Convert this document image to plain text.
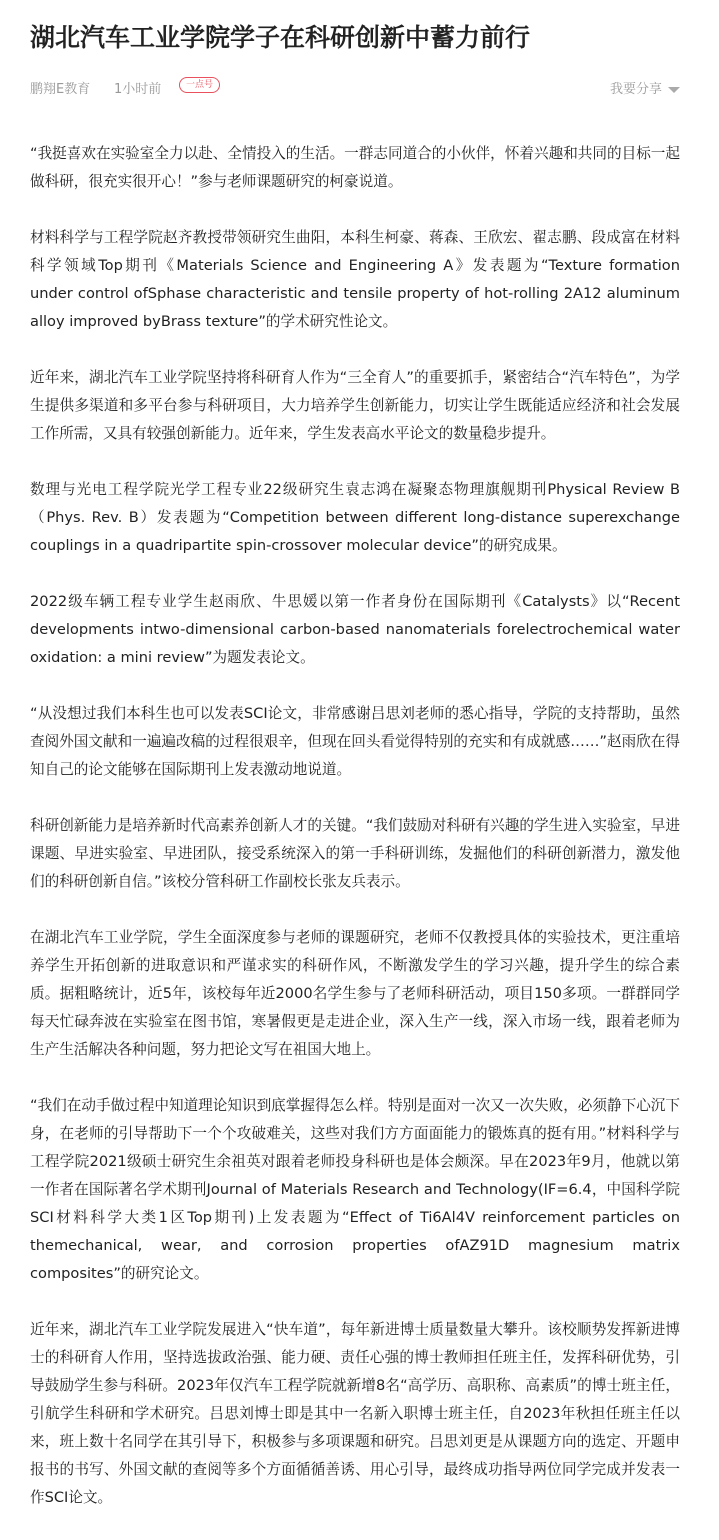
湖北汽车工业学院学子在科研创新中蓄力前行
鹏翔E教育 1小时前	一点号	我要分享

“我挺喜欢在实验室全力以赴、全情投入的生活。一群志同道合的小伙伴，怀着兴趣和共同的目标一起做科研，很充实很开心！”参与老师课题研究的柯豪说道。

材料科学与工程学院赵齐教授带领研究生曲阳，本科生柯豪、蒋森、王欣宏、翟志鹏、段成富在材料科学领域Top期刊《Materials Science and Engineering A》发表题为“Texture formation under control ofSphase characteristic and tensile property of hot-rolling 2A12 aluminum alloy improved byBrass texture”的学术研究性论文。

近年来，湖北汽车工业学院坚持将科研育人作为“三全育人”的重要抓手，紧密结合“汽车特色”，为学生提供多渠道和多平台参与科研项目，大力培养学生创新能力，切实让学生既能适应经济和社会发展工作所需，又具有较强创新能力。近年来，学生发表高水平论文的数量稳步提升。

数理与光电工程学院光学工程专业22级研究生袁志鸿在凝聚态物理旗舰期刊Physical Review B（Phys. Rev. B）发表题为“Competition between different long-distance superexchange couplings in a quadripartite spin-crossover molecular device”的研究成果。

2022级车辆工程专业学生赵雨欣、牛思媛以第一作者身份在国际期刊《Catalysts》以“Recent developments intwo-dimensional carbon-based nanomaterials forelectrochemical water oxidation: a mini review”为题发表论文。

“从没想过我们本科生也可以发表SCI论文，非常感谢吕思刘老师的悉心指导，学院的支持帮助，虽然查阅外国文献和一遍遍改稿的过程很艰辛，但现在回头看觉得特别的充实和有成就感……”赵雨欣在得知自己的论文能够在国际期刊上发表激动地说道。

科研创新能力是培养新时代高素养创新人才的关键。“我们鼓励对科研有兴趣的学生进入实验室，早进课题、早进实验室、早进团队，接受系统深入的第一手科研训练，发掘他们的科研创新潜力，激发他们的科研创新自信。”该校分管科研工作副校长张友兵表示。

在湖北汽车工业学院，学生全面深度参与老师的课题研究，老师不仅教授具体的实验技术，更注重培养学生开拓创新的进取意识和严谨求实的科研作风，不断激发学生的学习兴趣，提升学生的综合素质。据粗略统计，近5年，该校每年近2000名学生参与了老师科研活动，项目150多项。一群群同学每天忙碌奔波在实验室在图书馆，寒暑假更是走进企业，深入生产一线，深入市场一线，跟着老师为生产生活解决各种问题，努力把论文写在祖国大地上。

“我们在动手做过程中知道理论知识到底掌握得怎么样。特别是面对一次又一次失败，必须静下心沉下身，在老师的引导帮助下一个个攻破难关，这些对我们方方面面能力的锻炼真的挺有用。”材料科学与工程学院2021级硕士研究生余祖英对跟着老师投身科研也是体会颇深。早在2023年9月，他就以第一作者在国际著名学术期刊Journal of Materials Research and Technology(IF=6.4，中国科学院SCI材料科学大类1区Top期刊)上发表题为“Effect of Ti6Al4V reinforcement particles on themechanical, wear, and corrosion properties ofAZ91D magnesium matrix composites”的研究论文。

近年来，湖北汽车工业学院发展进入“快车道”，每年新进博士质量数量大攀升。该校顺势发挥新进博士的科研育人作用，坚持选拔政治强、能力硬、责任心强的博士教师担任班主任，发挥科研优势，引导鼓励学生参与科研。2023年仅汽车工程学院就新增8名“高学历、高职称、高素质”的博士班主任，引航学生科研和学术研究。吕思刘博士即是其中一名新入职博士班主任，自2023年秋担任班主任以来，班上数十名同学在其引导下，积极参与多项课题和研究。吕思刘更是从课题方向的选定、开题申报书的书写、外国文献的查阅等多个方面循循善诱、用心引导，最终成功指导两位同学完成并发表一作SCI论文。
